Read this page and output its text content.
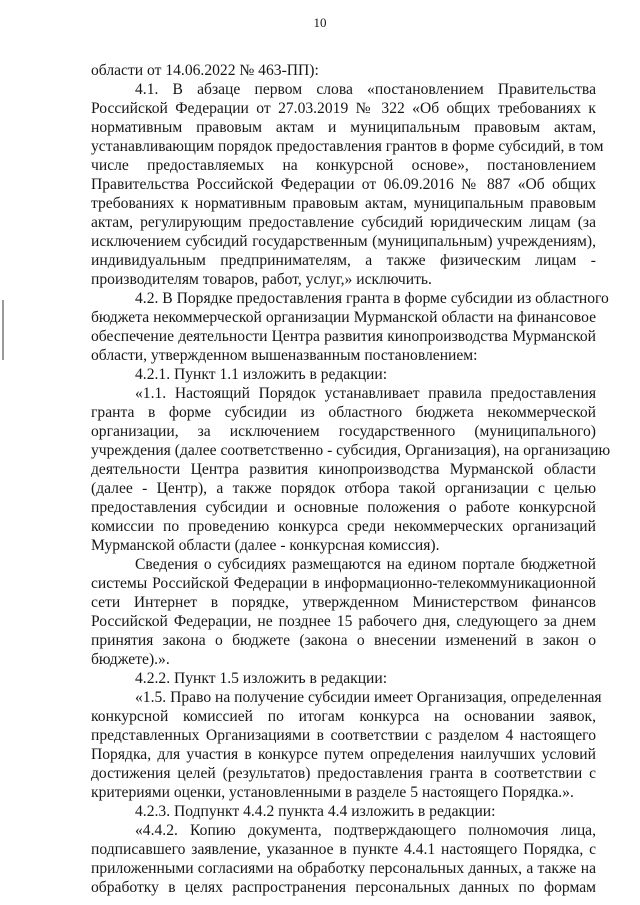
10
области от 14.06.2022 № 463-ПП):
4.1. В абзаце первом слова «постановлением Правительства
Российской Федерации от 27.03.2019 № 322 «Об общих требованиях к
нормативным правовым актам и муниципальным правовым актам,
устанавливающим порядок предоставления грантов в форме субсидий, в том
числе предоставляемых на конкурсной основе», постановлением
Правительства Российской Федерации от 06.09.2016 № 887 «Об общих
требованиях к нормативным правовым актам, муниципальным правовым
актам, регулирующим предоставление субсидий юридическим лицам (за
исключением субсидий государственным (муниципальным) учреждениям),
индивидуальным предпринимателям, а также физическим лицам -
производителям товаров, работ, услуг,» исключить.
4.2. В Порядке предоставления гранта в форме субсидии из областного
бюджета некоммерческой организации Мурманской области на финансовое
обеспечение деятельности Центра развития кинопроизводства Мурманской
области, утвержденном вышеназванным постановлением:
4.2.1. Пункт 1.1 изложить в редакции:
«1.1. Настоящий Порядок устанавливает правила предоставления
гранта в форме субсидии из областного бюджета некоммерческой
организации, за исключением государственного (муниципального)
учреждения (далее соответственно - субсидия, Организация), на организацию
деятельности Центра развития кинопроизводства Мурманской области
(далее - Центр), а также порядок отбора такой организации с целью
предоставления субсидии и основные положения о работе конкурсной
комиссии по проведению конкурса среди некоммерческих организаций
Мурманской области (далее - конкурсная комиссия).
Сведения о субсидиях размещаются на едином портале бюджетной
системы Российской Федерации в информационно-телекоммуникационной
сети Интернет в порядке, утвержденном Министерством финансов
Российской Федерации, не позднее 15 рабочего дня, следующего за днем
принятия закона о бюджете (закона о внесении изменений в закон о
бюджете).».
4.2.2. Пункт 1.5 изложить в редакции:
«1.5. Право на получение субсидии имеет Организация, определенная
конкурсной комиссией по итогам конкурса на основании заявок,
представленных Организациями в соответствии с разделом 4 настоящего
Порядка, для участия в конкурсе путем определения наилучших условий
достижения целей (результатов) предоставления гранта в соответствии с
критериями оценки, установленными в разделе 5 настоящего Порядка.».
4.2.3. Подпункт 4.4.2 пункта 4.4 изложить в редакции:
«4.4.2. Копию документа, подтверждающего полномочия лица,
подписавшего заявление, указанное в пункте 4.4.1 настоящего Порядка, с
приложенными согласиями на обработку персональных данных, а также на
обработку в целях распространения персональных данных по формам
